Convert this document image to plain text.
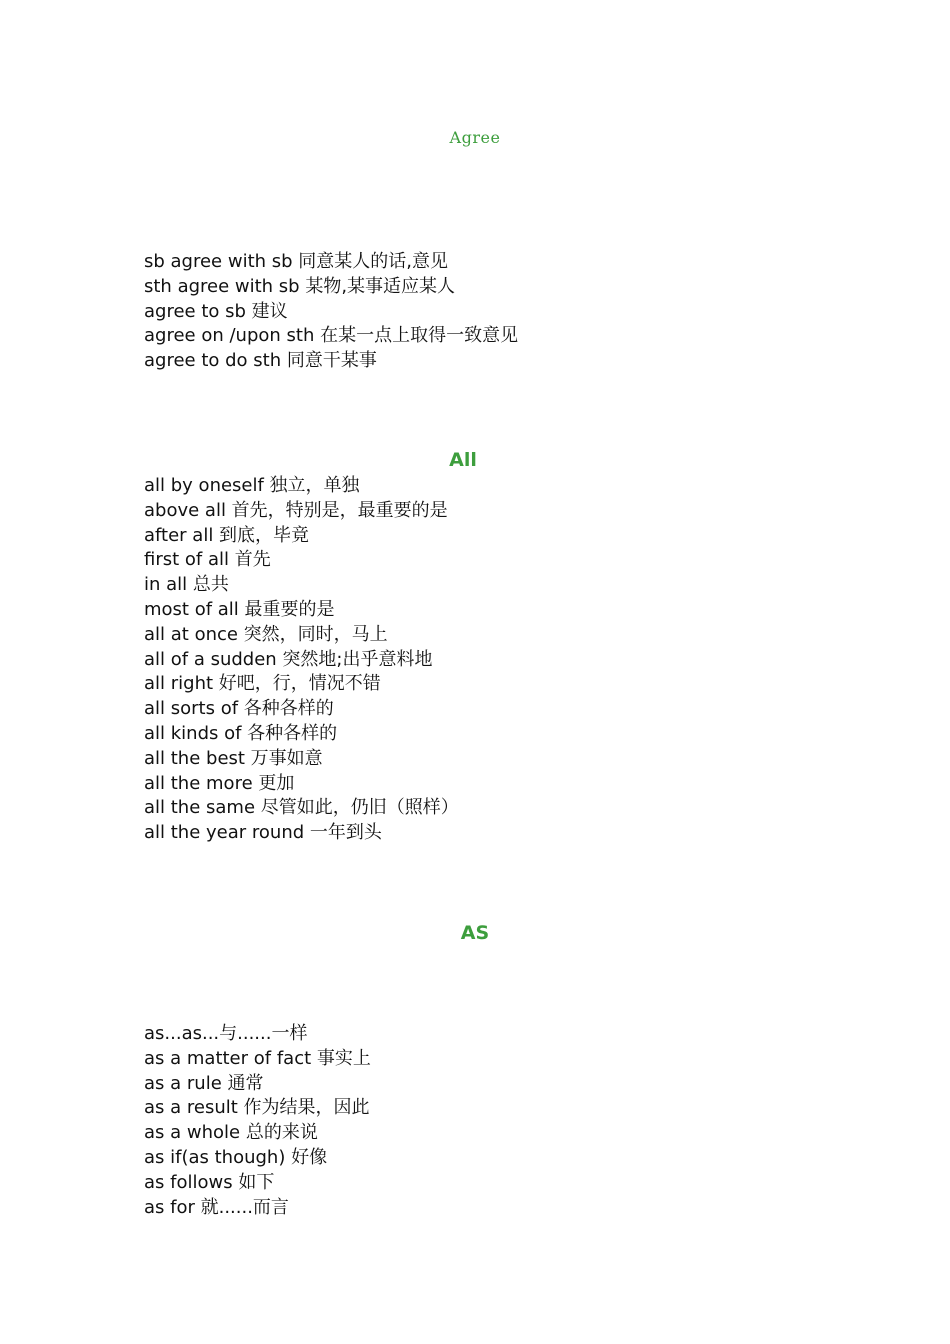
Agree
sb agree with sb 同意某人的话,意见
sth agree with sb 某物,某事适应某人
agree to sb 建议
agree on /upon sth 在某一点上取得一致意见
agree to do sth 同意干某事
All
all by oneself 独立，单独
above all 首先，特别是，最重要的是
after all 到底，毕竟
first of all 首先
in all 总共
most of all 最重要的是
all at once 突然，同时，马上
all of a sudden 突然地;出乎意料地
all right 好吧，行，情况不错
all sorts of 各种各样的
all kinds of 各种各样的
all the best 万事如意
all the more 更加
all the same 尽管如此，仍旧（照样）
all the year round 一年到头
AS
as...as...与......一样
as a matter of fact 事实上
as a rule 通常
as a result 作为结果，因此
as a whole 总的来说
as if(as though) 好像
as follows 如下
as for 就......而言
